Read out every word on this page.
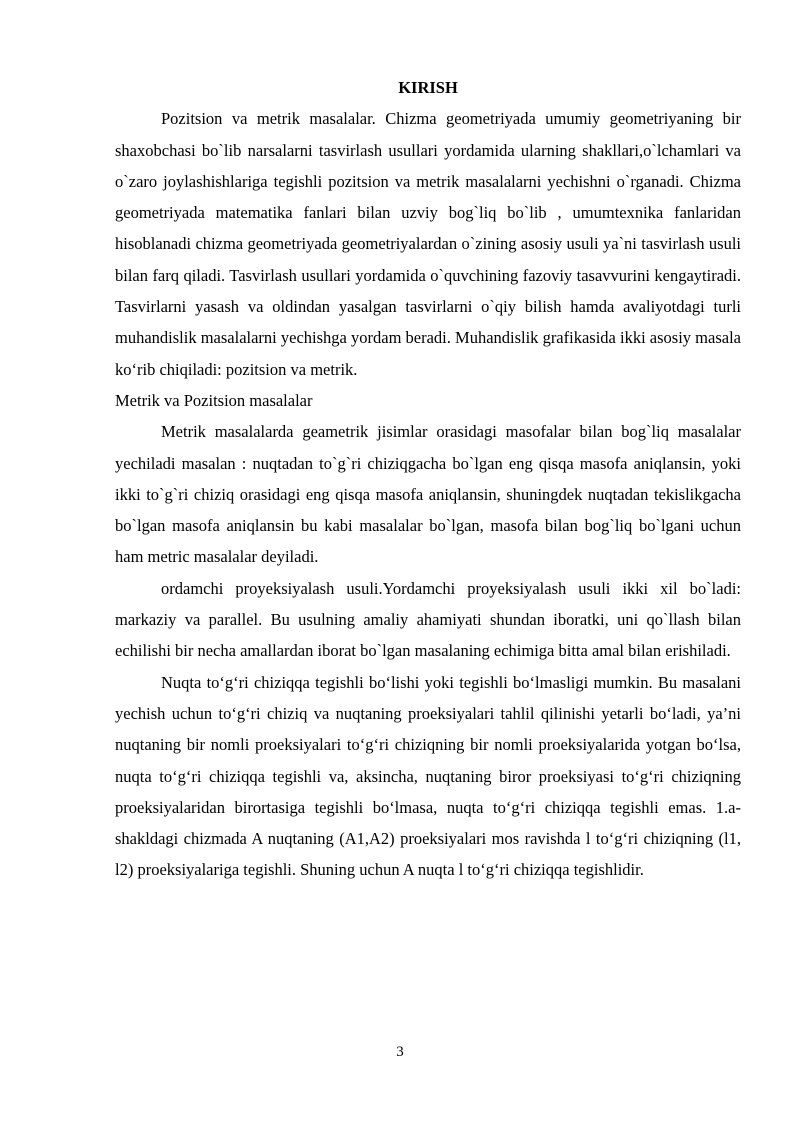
KIRISH

Pozitsion va metrik masalalar. Chizma geometriyada umumiy geometriyaning bir shaxobchasi bo`lib narsalarni tasvirlash usullari yordamida ularning shakllari,o`lchamlari va o`zaro joylashishlariga tegishli pozitsion va metrik masalalarni yechishni o`rganadi. Chizma geometriyada matematika fanlari bilan uzviy bog`liq bo`lib , umumtexnika fanlaridan hisoblanadi chizma geometriyada geometriyalardan o`zining asosiy usuli ya`ni tasvirlash usuli bilan farq qiladi. Tasvirlash usullari yordamida o`quvchining fazoviy tasavvurini kengaytiradi. Tasvirlarni yasash va oldindan yasalgan tasvirlarni o`qiy bilish hamda avaliyotdagi turli muhandislik masalalarni yechishga yordam beradi. Muhandislik grafikasida ikki asosiy masala ko‘rib chiqiladi: pozitsion va metrik.

Metrik va Pozitsion masalalar

Metrik masalalarda geametrik jisimlar orasidagi masofalar bilan bog`liq masalalar yechiladi masalan : nuqtadan to`g`ri chiziqgacha bo`lgan eng qisqa masofa aniqlansin, yoki ikki to`g`ri chiziq orasidagi eng qisqa masofa aniqlansin, shuningdek nuqtadan tekislikgacha bo`lgan masofa aniqlansin bu kabi masalalar bo`lgan, masofa bilan bog`liq bo`lgani uchun ham metric masalalar deyiladi.

ordamchi proyeksiyalash usuli.Yordamchi proyeksiyalash usuli ikki xil bo`ladi: markaziy va parallel. Bu usulning amaliy ahamiyati shundan iboratki, uni qo`llash bilan echilishi bir necha amallardan iborat bo`lgan masalaning echimiga bitta amal bilan erishiladi.

Nuqta to‘g‘ri chiziqqa tegishli bo‘lishi yoki tegishli bo‘lmasligi mumkin. Bu masalani yechish uchun to‘g‘ri chiziq va nuqtaning proeksiyalari tahlil qilinishi yetarli bo‘ladi, ya’ni nuqtaning bir nomli proeksiyalari to‘g‘ri chiziqning bir nomli proeksiyalarida yotgan bo‘lsa, nuqta to‘g‘ri chiziqqa tegishli va, aksincha, nuqtaning biror proeksiyasi to‘g‘ri chiziqning proeksiyalaridan birortasiga tegishli bo‘lmasa, nuqta to‘g‘ri chiziqqa tegishli emas. 1.a-shakldagi chizmada A nuqtaning (A1,A2) proeksiyalari mos ravishda l to‘g‘ri chiziqning (l1, l2) proeksiyalariga tegishli. Shuning uchun A nuqta l to‘g‘ri chiziqqa tegishlidir.

3
